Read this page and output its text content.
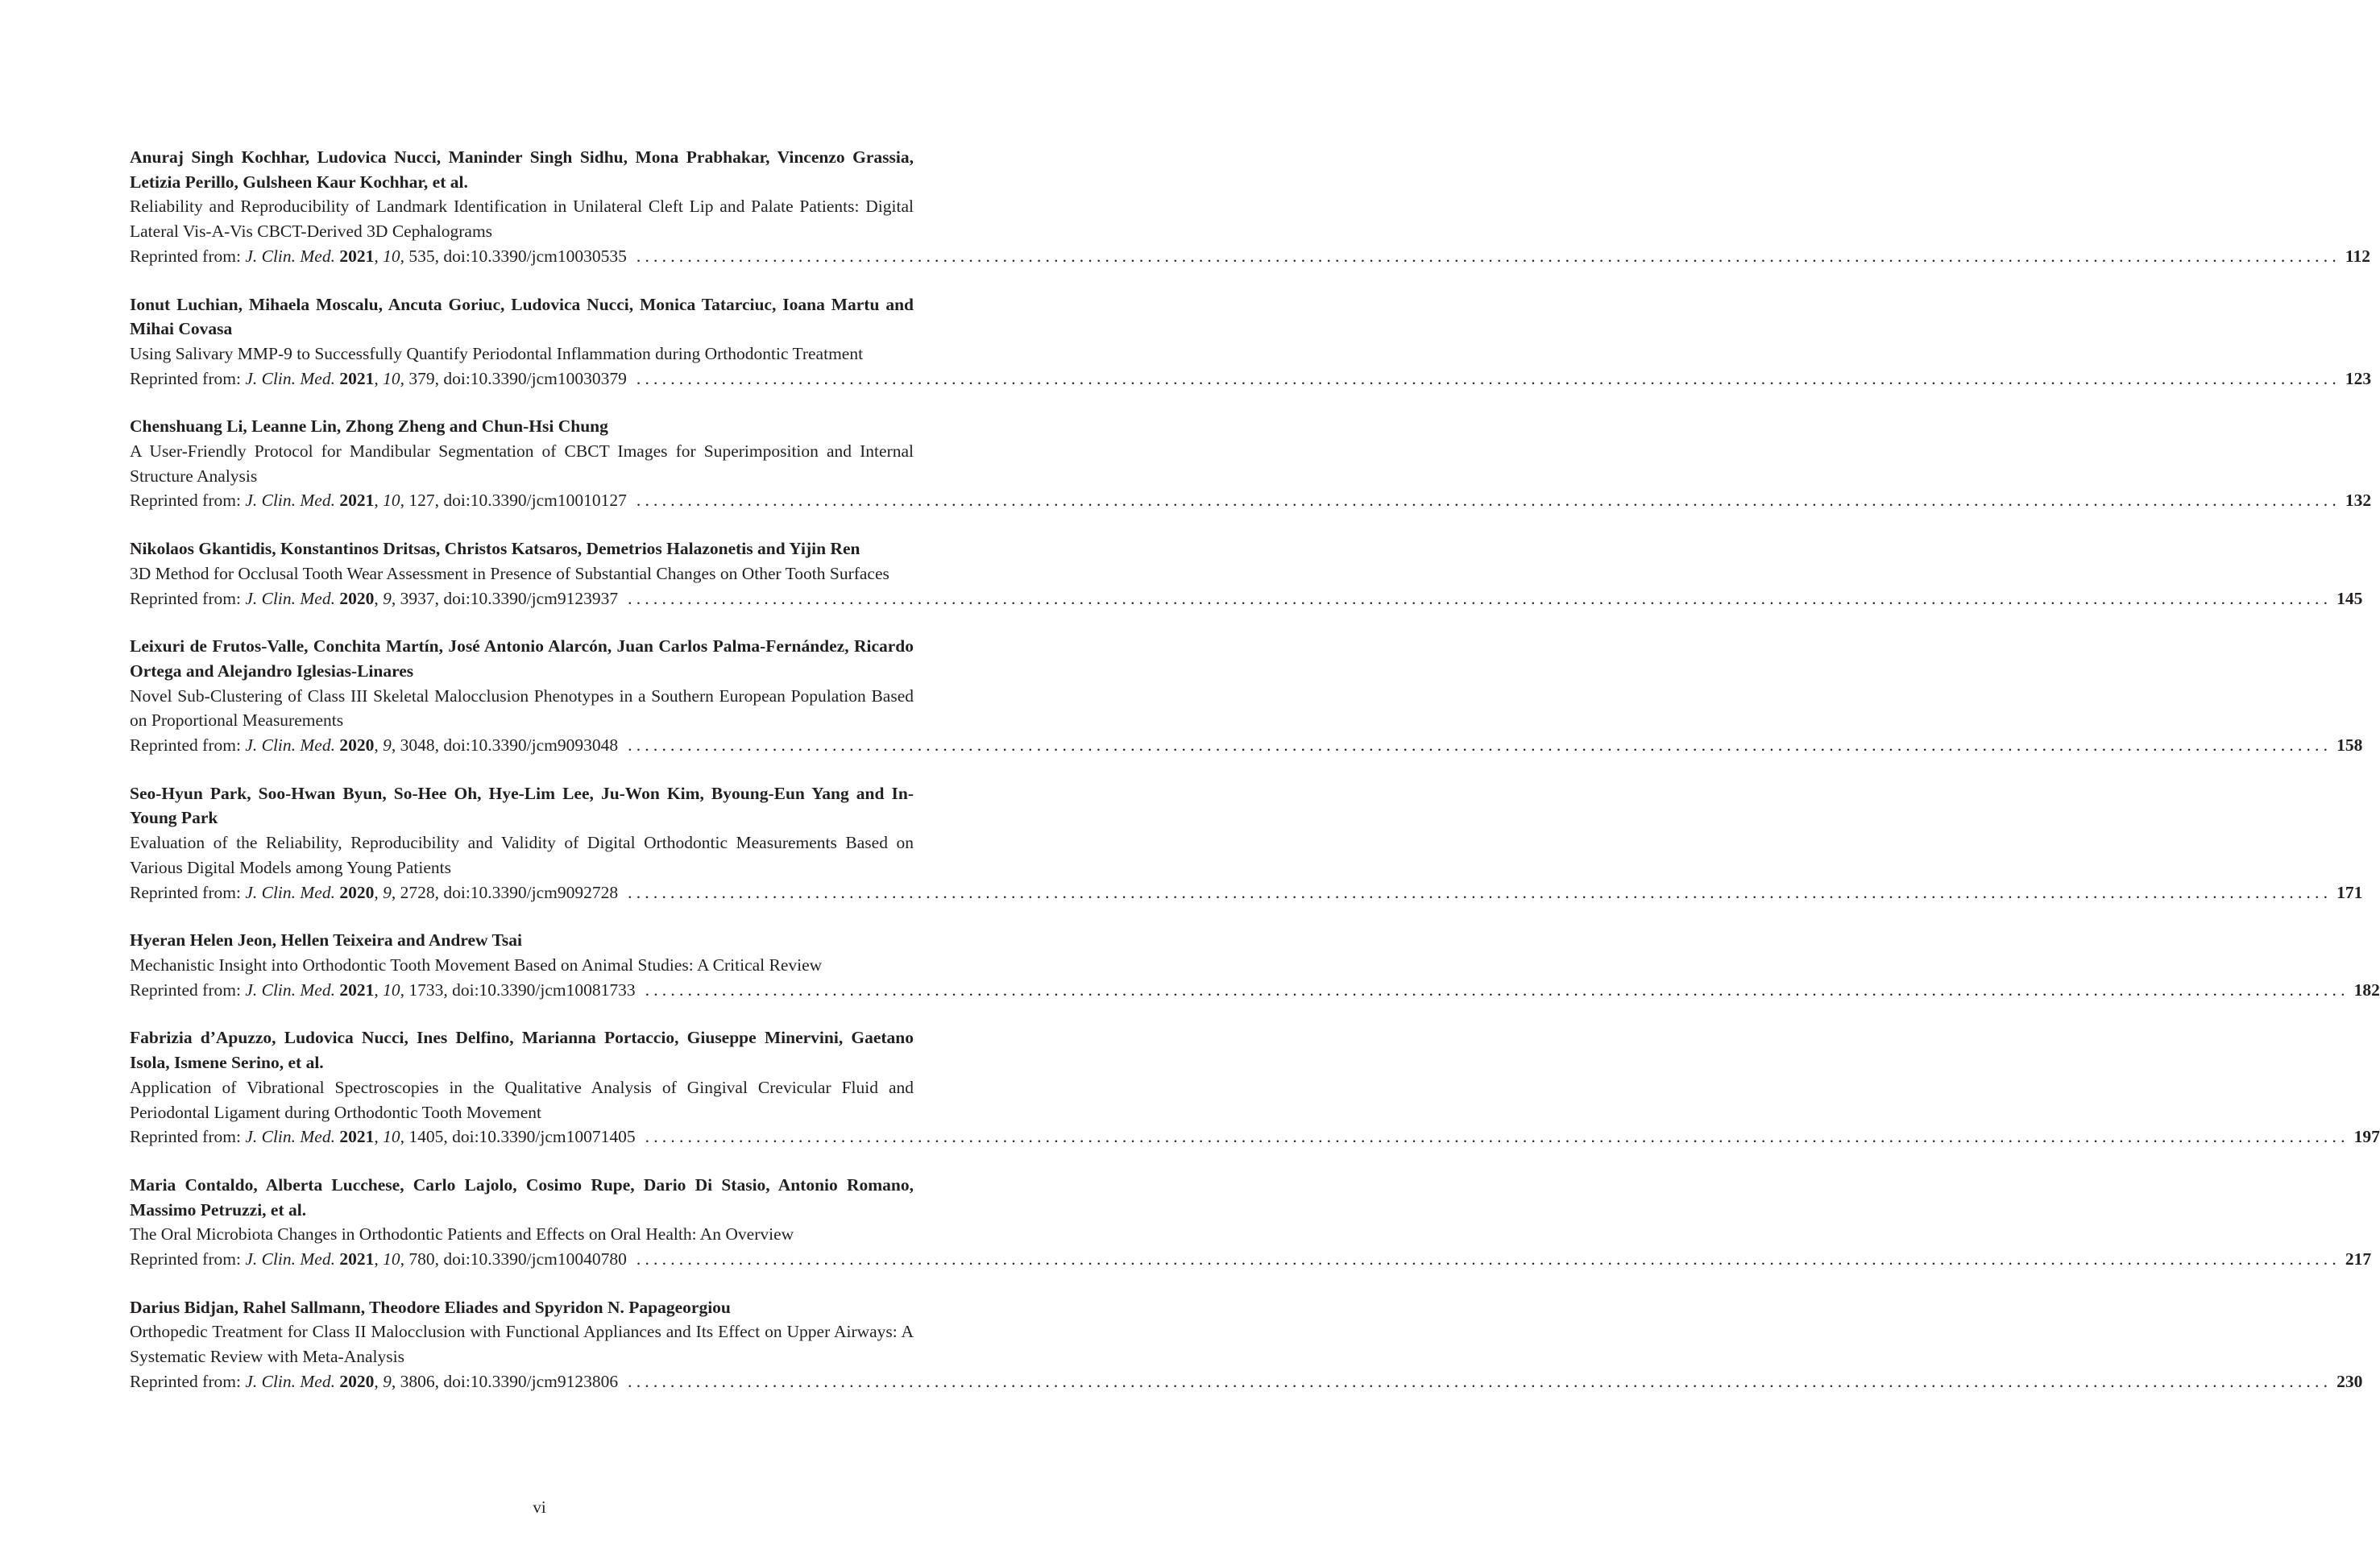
Anuraj Singh Kochhar, Ludovica Nucci, Maninder Singh Sidhu, Mona Prabhakar, Vincenzo Grassia, Letizia Perillo, Gulsheen Kaur Kochhar, et al.
Reliability and Reproducibility of Landmark Identification in Unilateral Cleft Lip and Palate Patients: Digital Lateral Vis-A-Vis CBCT-Derived 3D Cephalograms
Reprinted from: J. Clin. Med. 2021, 10, 535, doi:10.3390/jcm10030535 ........................................................................................................................................................................................................ 112
Ionut Luchian, Mihaela Moscalu, Ancuta Goriuc, Ludovica Nucci, Monica Tatarciuc, Ioana Martu and Mihai Covasa
Using Salivary MMP-9 to Successfully Quantify Periodontal Inflammation during Orthodontic Treatment
Reprinted from: J. Clin. Med. 2021, 10, 379, doi:10.3390/jcm10030379 ........................................................................................................................................................................................................ 123
Chenshuang Li, Leanne Lin, Zhong Zheng and Chun-Hsi Chung
A User-Friendly Protocol for Mandibular Segmentation of CBCT Images for Superimposition and Internal Structure Analysis
Reprinted from: J. Clin. Med. 2021, 10, 127, doi:10.3390/jcm10010127 ........................................................................................................................................................................................................ 132
Nikolaos Gkantidis, Konstantinos Dritsas, Christos Katsaros, Demetrios Halazonetis and Yijin Ren
3D Method for Occlusal Tooth Wear Assessment in Presence of Substantial Changes on Other Tooth Surfaces
Reprinted from: J. Clin. Med. 2020, 9, 3937, doi:10.3390/jcm9123937 ........................................................................................................................................................................................................ 145
Leixuri de Frutos-Valle, Conchita Martín, José Antonio Alarcón, Juan Carlos Palma-Fernández, Ricardo Ortega and Alejandro Iglesias-Linares
Novel Sub-Clustering of Class III Skeletal Malocclusion Phenotypes in a Southern European Population Based on Proportional Measurements
Reprinted from: J. Clin. Med. 2020, 9, 3048, doi:10.3390/jcm9093048 ........................................................................................................................................................................................................ 158
Seo-Hyun Park, Soo-Hwan Byun, So-Hee Oh, Hye-Lim Lee, Ju-Won Kim, Byoung-Eun Yang and In-Young Park
Evaluation of the Reliability, Reproducibility and Validity of Digital Orthodontic Measurements Based on Various Digital Models among Young Patients
Reprinted from: J. Clin. Med. 2020, 9, 2728, doi:10.3390/jcm9092728 ........................................................................................................................................................................................................ 171
Hyeran Helen Jeon, Hellen Teixeira and Andrew Tsai
Mechanistic Insight into Orthodontic Tooth Movement Based on Animal Studies: A Critical Review
Reprinted from: J. Clin. Med. 2021, 10, 1733, doi:10.3390/jcm10081733 ........................................................................................................................................................................................................ 182
Fabrizia d’Apuzzo, Ludovica Nucci, Ines Delfino, Marianna Portaccio, Giuseppe Minervini, Gaetano Isola, Ismene Serino, et al.
Application of Vibrational Spectroscopies in the Qualitative Analysis of Gingival Crevicular Fluid and Periodontal Ligament during Orthodontic Tooth Movement
Reprinted from: J. Clin. Med. 2021, 10, 1405, doi:10.3390/jcm10071405 ........................................................................................................................................................................................................ 197
Maria Contaldo, Alberta Lucchese, Carlo Lajolo, Cosimo Rupe, Dario Di Stasio, Antonio Romano, Massimo Petruzzi, et al.
The Oral Microbiota Changes in Orthodontic Patients and Effects on Oral Health: An Overview
Reprinted from: J. Clin. Med. 2021, 10, 780, doi:10.3390/jcm10040780 ........................................................................................................................................................................................................ 217
Darius Bidjan, Rahel Sallmann, Theodore Eliades and Spyridon N. Papageorgiou
Orthopedic Treatment for Class II Malocclusion with Functional Appliances and Its Effect on Upper Airways: A Systematic Review with Meta-Analysis
Reprinted from: J. Clin. Med. 2020, 9, 3806, doi:10.3390/jcm9123806 ........................................................................................................................................................................................................ 230
vi
